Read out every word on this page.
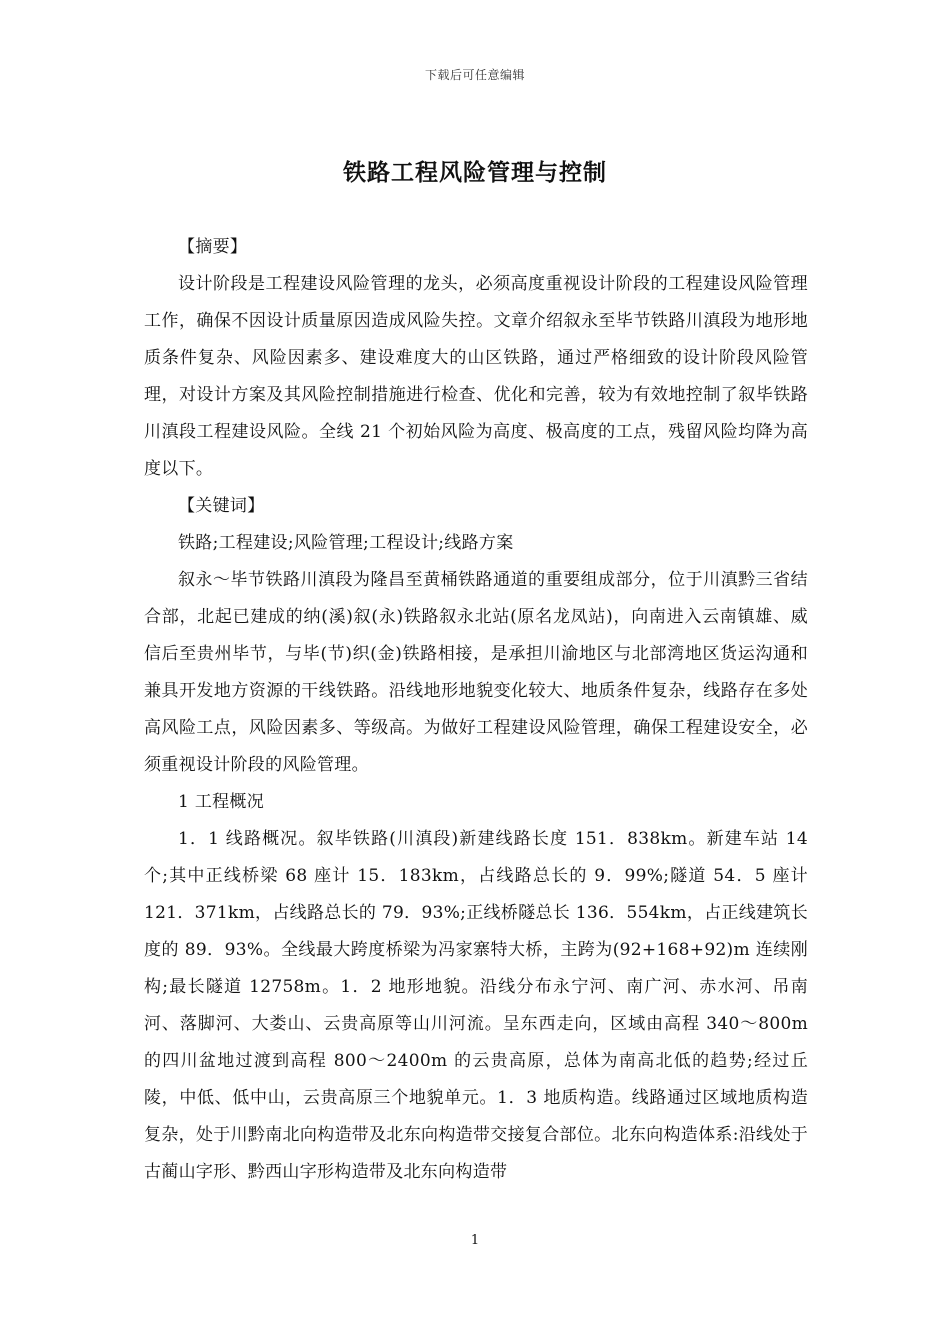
下载后可任意编辑
铁路工程风险管理与控制

【摘要】

设计阶段是工程建设风险管理的龙头，必须高度重视设计阶段的工程建设风险管理工作，确保不因设计质量原因造成风险失控。文章介绍叙永至毕节铁路川滇段为地形地质条件复杂、风险因素多、建设难度大的山区铁路，通过严格细致的设计阶段风险管理，对设计方案及其风险控制措施进行检查、优化和完善，较为有效地控制了叙毕铁路川滇段工程建设风险。全线 21 个初始风险为高度、极高度的工点，残留风险均降为高度以下。

【关键词】

铁路;工程建设;风险管理;工程设计;线路方案

叙永～毕节铁路川滇段为隆昌至黄桶铁路通道的重要组成部分，位于川滇黔三省结合部，北起已建成的纳(溪)叙(永)铁路叙永北站(原名龙凤站)，向南进入云南镇雄、威信后至贵州毕节，与毕(节)织(金)铁路相接，是承担川渝地区与北部湾地区货运沟通和兼具开发地方资源的干线铁路。沿线地形地貌变化较大、地质条件复杂，线路存在多处高风险工点，风险因素多、等级高。为做好工程建设风险管理，确保工程建设安全，必须重视设计阶段的风险管理。

1 工程概况

1．1 线路概况。叙毕铁路(川滇段)新建线路长度 151．838km。新建车站 14 个;其中正线桥梁 68 座计 15．183km，占线路总长的 9．99%;隧道 54．5 座计 121．371km，占线路总长的 79．93%;正线桥隧总长 136．554km，占正线建筑长度的 89．93%。全线最大跨度桥梁为冯家寨特大桥，主跨为(92+168+92)m 连续刚构;最长隧道 12758m。1．2 地形地貌。沿线分布永宁河、南广河、赤水河、吊南河、落脚河、大娄山、云贵高原等山川河流。呈东西走向，区域由高程 340～800m 的四川盆地过渡到高程 800～2400m 的云贵高原，总体为南高北低的趋势;经过丘陵，中低、低中山，云贵高原三个地貌单元。1．3 地质构造。线路通过区域地质构造复杂，处于川黔南北向构造带及北东向构造带交接复合部位。北东向构造体系:沿线处于古蔺山字形、黔西山字形构造带及北东向构造带

1
